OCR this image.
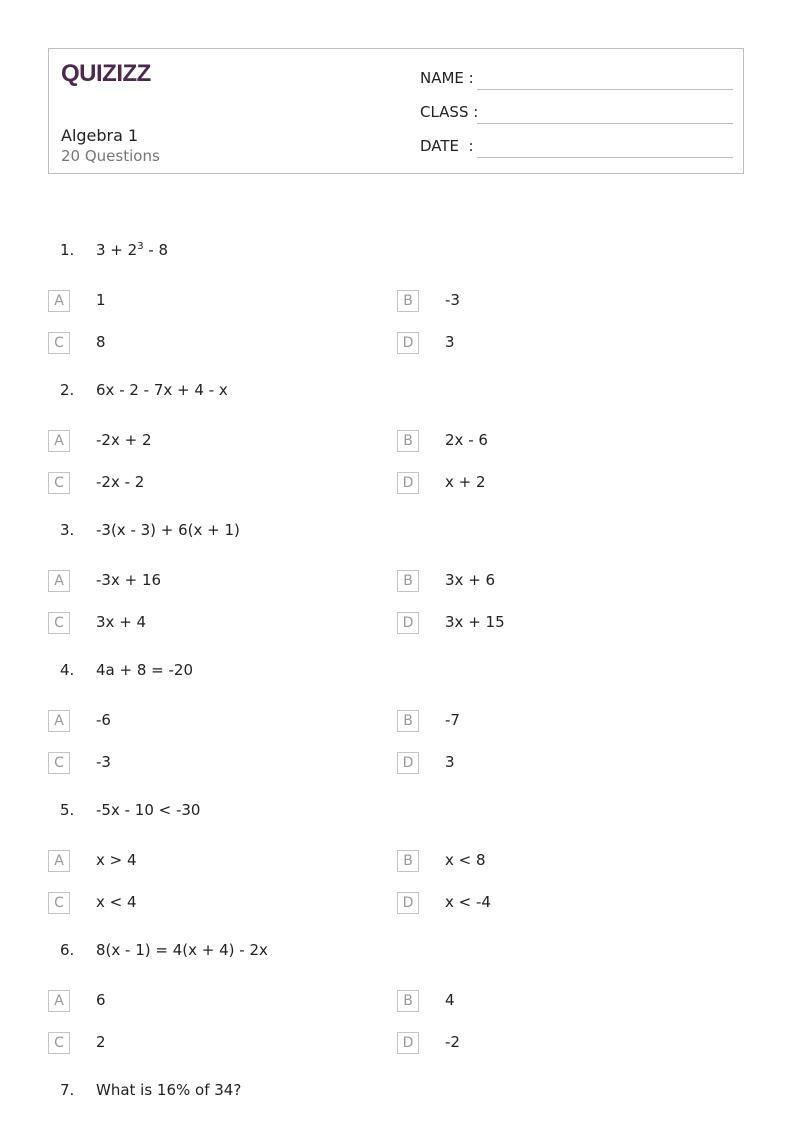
QUIZIZZ
Algebra 1
20 Questions
NAME :
CLASS :
DATE  :
1. $3 + 2^3 - 8$
A	1	B	-3
C	8	D	3
2. 6x - 2 - 7x + 4 - x
A	-2x + 2	B	2x - 6
C	-2x - 2	D	x + 2
3. -3(x - 3) + 6(x + 1)
A	-3x + 16	B	3x + 6
C	3x + 4	D	3x + 15
4. 4a + 8 = -20
A	-6	B	-7
C	-3	D	3
5. -5x - 10 < -30
A	x > 4	B	x < 8
C	x < 4	D	x < -4
6. 8(x - 1) = 4(x + 4) - 2x
A	6	B	4
C	2	D	-2
7. What is 16% of 34?
